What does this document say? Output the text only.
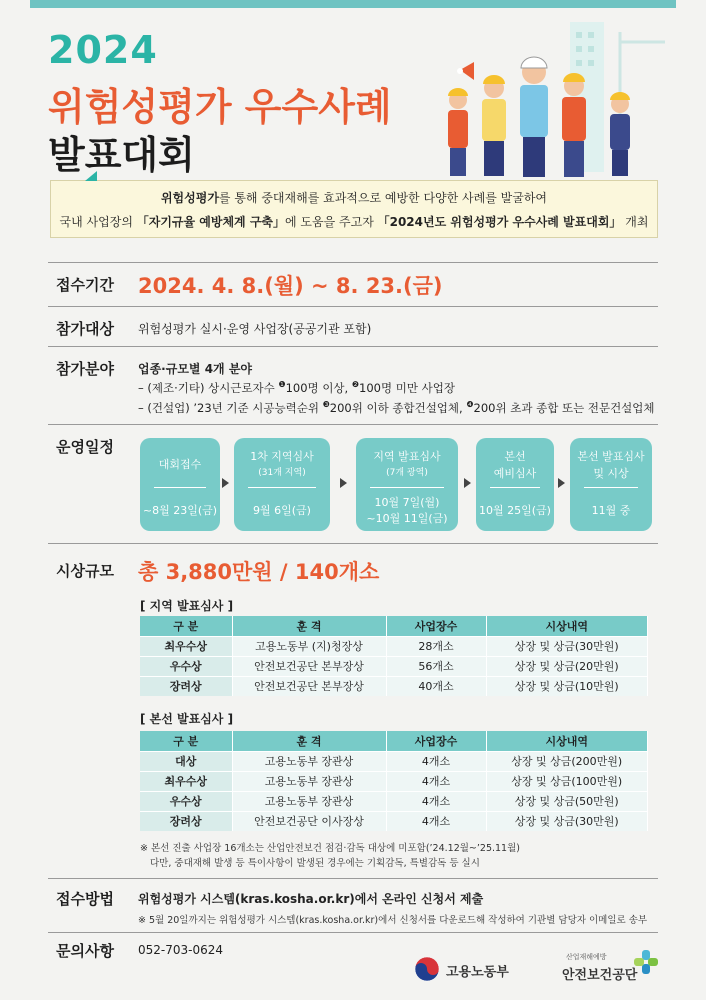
2024
위험성평가 우수사례
발표대회
위험성평가를 통해 중대재해를 효과적으로 예방한 다양한 사례를 발굴하여
국내 사업장의 「자기규율 예방체계 구축」에 도움을 주고자 「2024년도 위험성평가 우수사례 발표대회」 개최
접수기간 2024. 4. 8.(월) ~ 8. 23.(금)
참가대상 위험성평가 실시·운영 사업장(공공기관 포함)
참가분야 업종·규모별 4개 분야
– (제조·기타) 상시근로자수 $^❶$100명 이상, $^❷$100명 미만 사업장
– (건설업) ’23년 기준 시공능력순위 $^❸$200위 이하 종합건설업체, $^❹$200위 초과 종합 또는 전문건설업체
운영일정
대회접수
~8월 23일(금)
1차 지역심사
(31개 지역)
9월 6일(금)
지역 발표심사
(7개 광역)
10월 7일(월)
~10월 11일(금)
본선
예비심사
10월 25일(금)
본선 발표심사
및 시상
11월 중
시상규모 총 3,880만원 / 140개소
[ 지역 발표심사 ]
구 분	훈 격	사업장수	시상내역
최우수상	고용노동부 (지)청장상	28개소	상장 및 상금(30만원)
우수상	안전보건공단 본부장상	56개소	상장 및 상금(20만원)
장려상	안전보건공단 본부장상	40개소	상장 및 상금(10만원)
[ 본선 발표심사 ]
구 분	훈 격	사업장수	시상내역
대상	고용노동부 장관상	4개소	상장 및 상금(200만원)
최우수상	고용노동부 장관상	4개소	상장 및 상금(100만원)
우수상	고용노동부 장관상	4개소	상장 및 상금(50만원)
장려상	안전보건공단 이사장상	4개소	상장 및 상금(30만원)
※ 본선 진출 사업장 16개소는 산업안전보건 점검·감독 대상에 미포함(’24.12월~’25.11월)
다만, 중대재해 발생 등 특이사항이 발생된 경우에는 기획감독, 특별감독 등 실시
접수방법 위험성평가 시스템(kras.kosha.or.kr)에서 온라인 신청서 제출
※ 5월 20일까지는 위험성평가 시스템(kras.kosha.or.kr)에서 신청서를 다운로드해 작성하여 기관별 담당자 이메일로 송부
문의사항 052-703-0624
고용노동부
산업재해예방
안전보건공단
